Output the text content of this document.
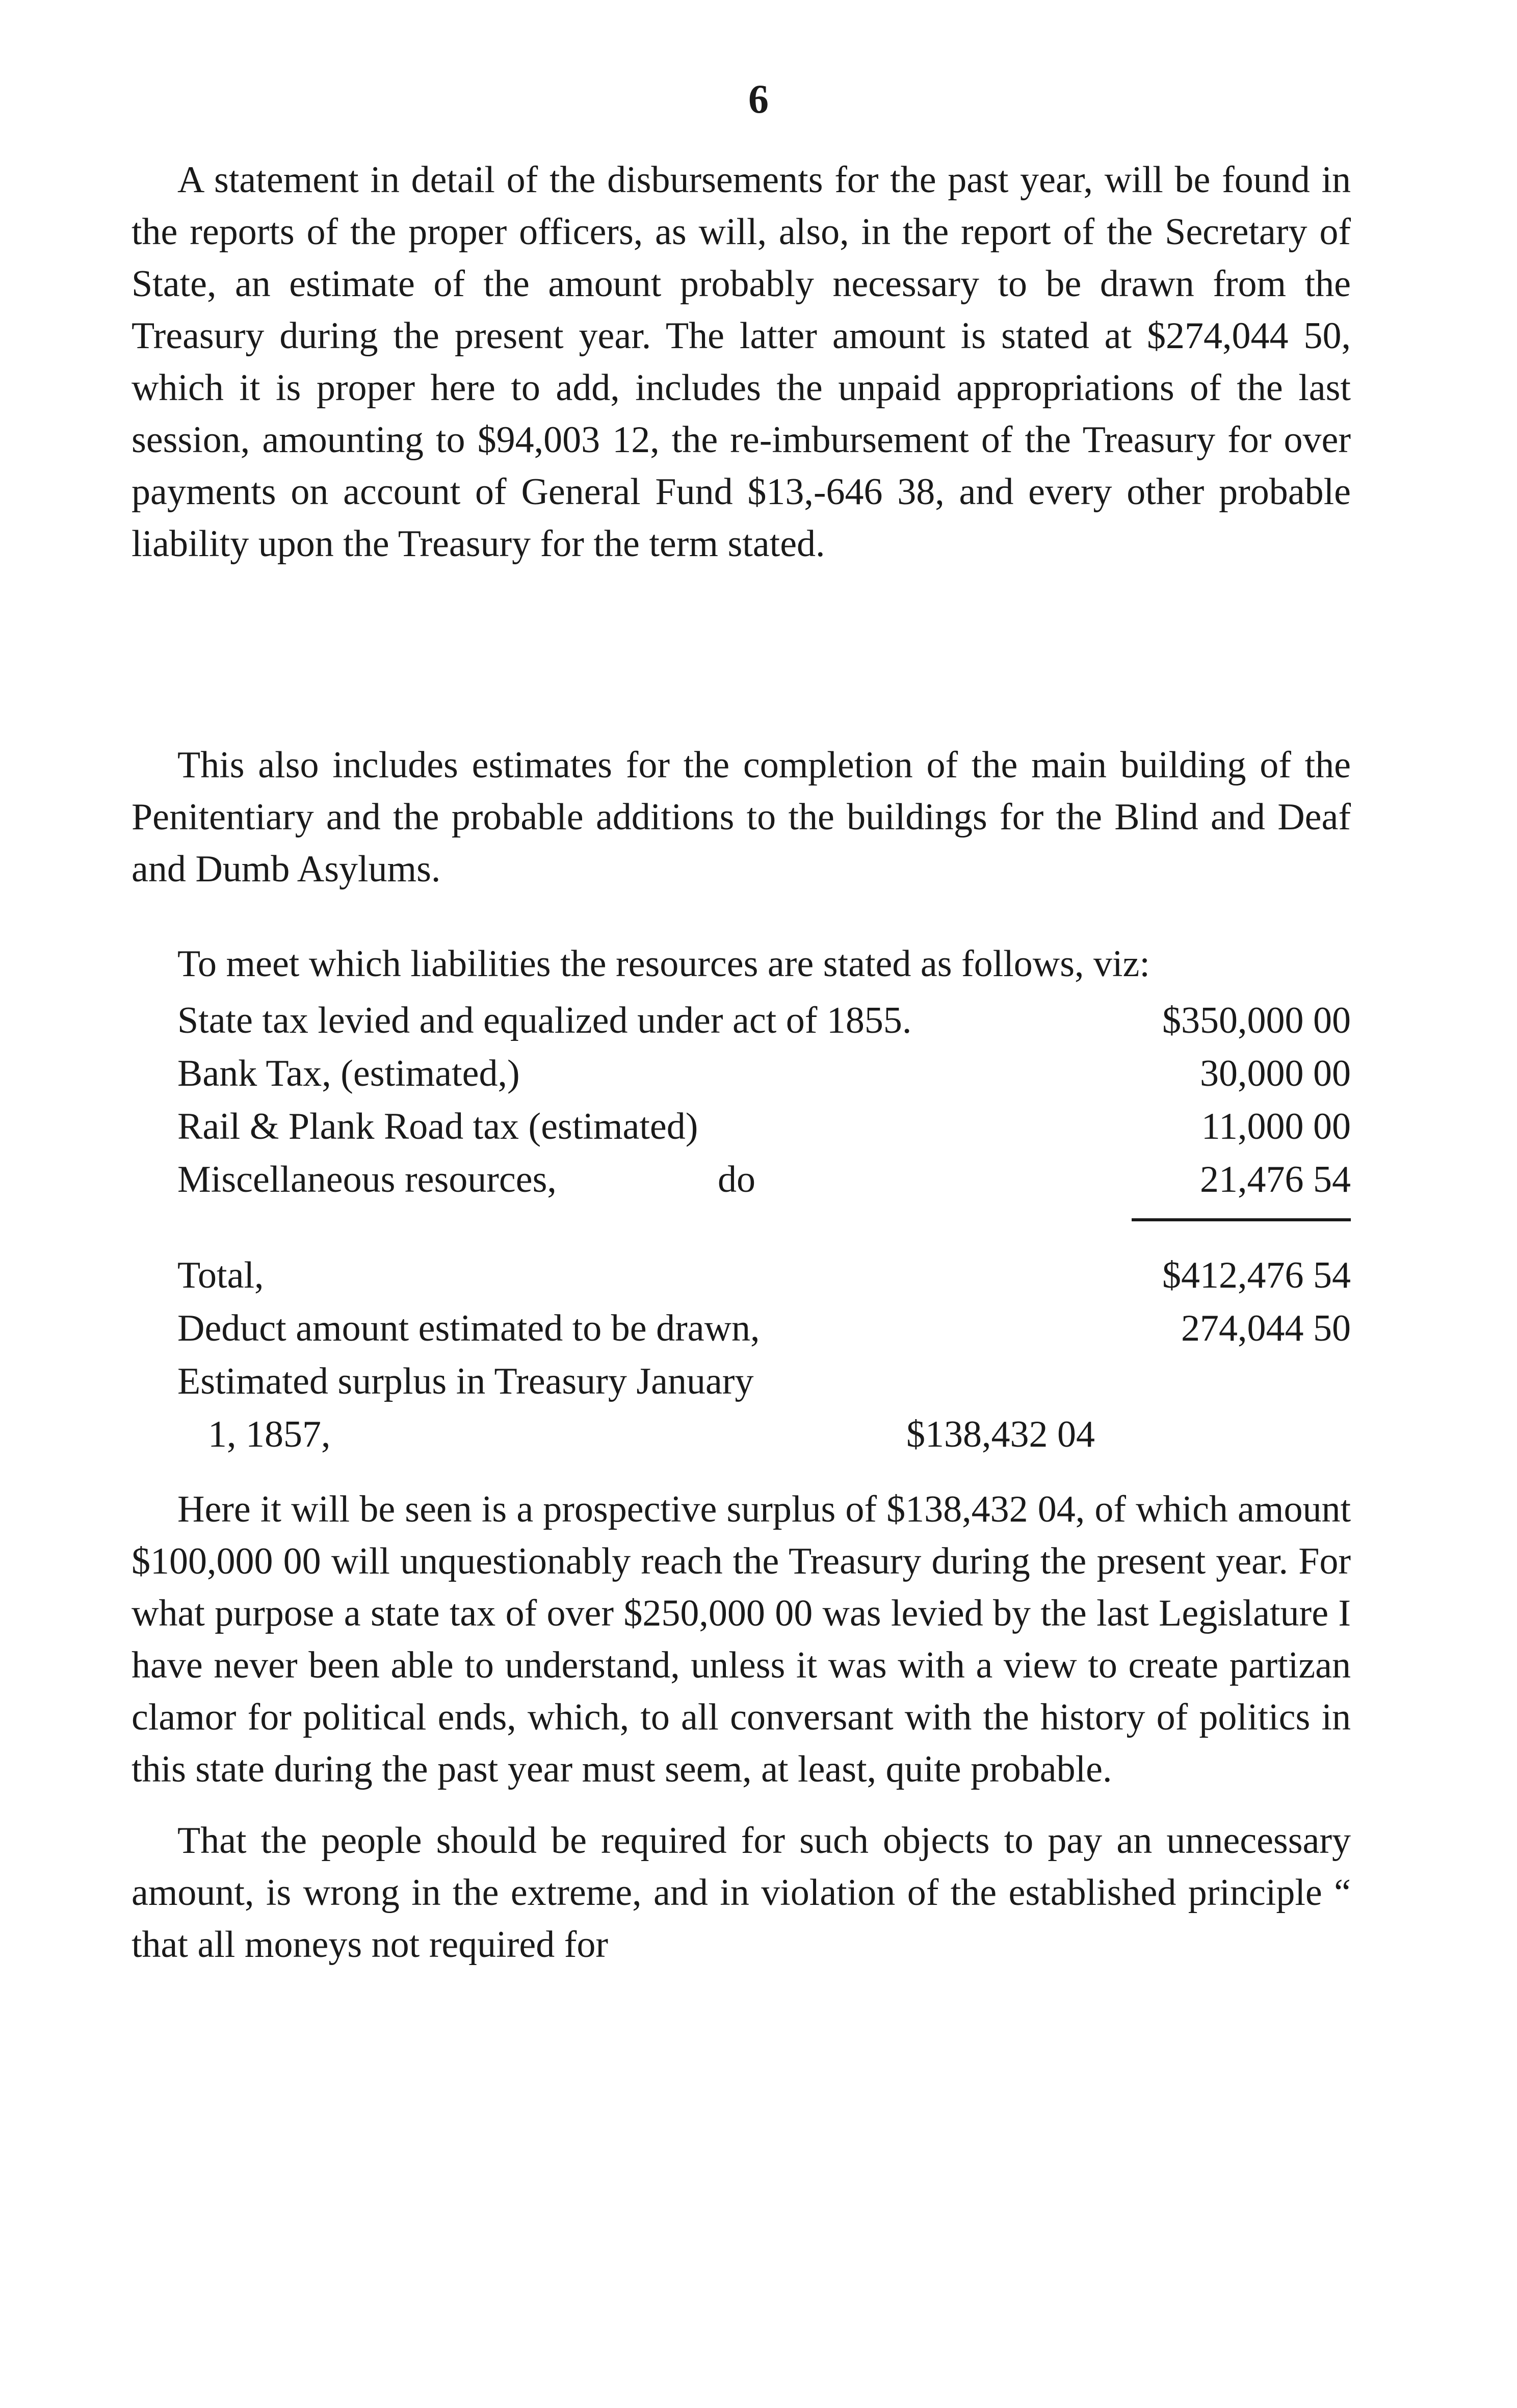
6

A statement in detail of the disbursements for the past year, will be found in the reports of the proper officers, as will, also, in the report of the Secretary of State, an estimate of the amount probably necessary to be drawn from the Treasury during the present year. The latter amount is stated at $274,044 50, which it is proper here to add, includes the unpaid appropriations of the last session, amounting to $94,003 12, the re-imbursement of the Treasury for over payments on account of General Fund $13,-646 38, and every other probable liability upon the Treasury for the term stated.

This also includes estimates for the completion of the main building of the Penitentiary and the probable additions to the buildings for the Blind and Deaf and Dumb Asylums.

To meet which liabilities the resources are stated as follows, viz:

State tax levied and equalized under act of 1855.	$350,000 00
Bank Tax, (estimated,)	30,000 00
Rail & Plank Road tax (estimated)	11,000 00
Miscellaneous resources,	do	21,476 54
Total,	$412,476 54
Deduct amount estimated to be drawn,	274,044 50
Estimated surplus in Treasury January
1, 1857,	$138,432 04

Here it will be seen is a prospective surplus of $138,432 04, of which amount $100,000 00 will unquestionably reach the Treasury during the present year. For what purpose a state tax of over $250,000 00 was levied by the last Legislature I have never been able to understand, unless it was with a view to create partizan clamor for political ends, which, to all conversant with the history of politics in this state during the past year must seem, at least, quite probable.

That the people should be required for such objects to pay an unnecessary amount, is wrong in the extreme, and in violation of the established principle “ that all moneys not required for
